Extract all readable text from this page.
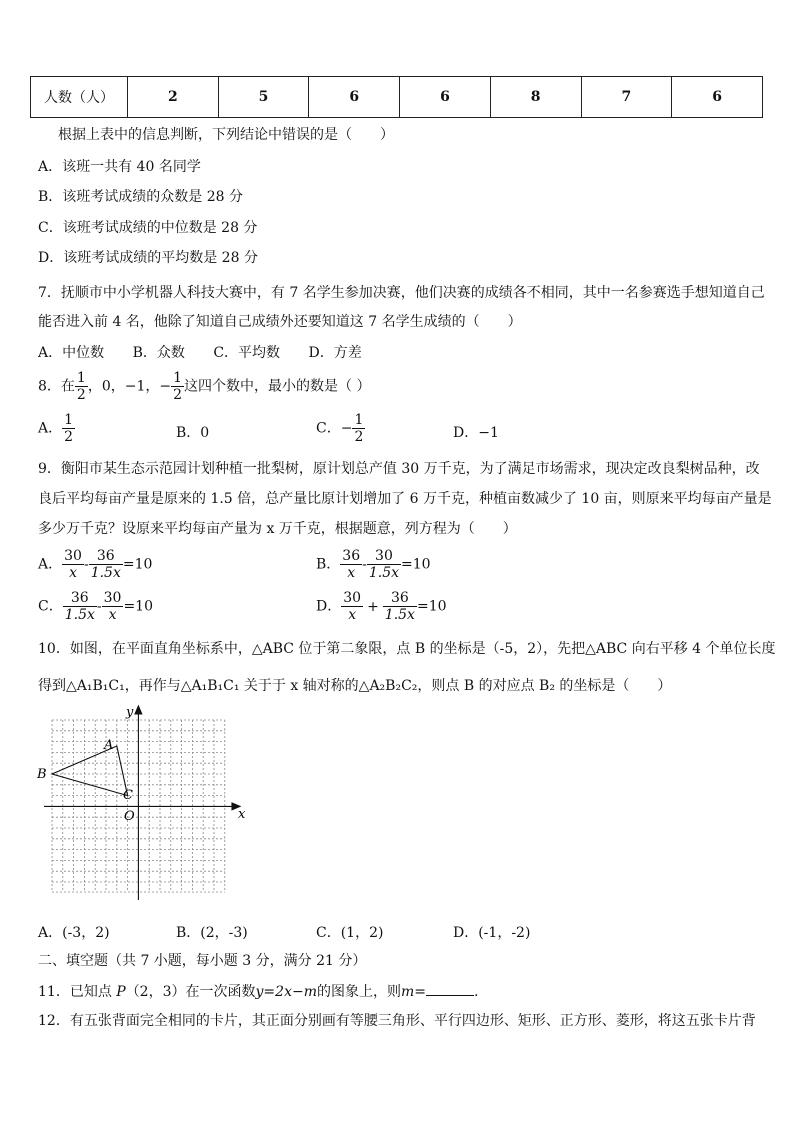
人数（人）	2	5	6	6	8	7	6
根据上表中的信息判断，下列结论中错误的是（　　）
A．该班一共有 40 名同学
B．该班考试成绩的众数是 28 分
C．该班考试成绩的中位数是 28 分
D．该班考试成绩的平均数是 28 分
7．抚顺市中小学机器人科技大赛中，有 7 名学生参加决赛，他们决赛的成绩各不相同，其中一名参赛选手想知道自己
能否进入前 4 名，他除了知道自己成绩外还要知道这 7 名学生成绩的（　　）
A．中位数 B．众数 C．平均数 D．方差
8．在 $\frac{1}{2}$ ，0，−1，− $\frac{1}{2}$ 这四个数中，最小的数是（ ）
A． $\frac{1}{2}$	B．0	C．− $\frac{1}{2}$	D．−1
9．衡阳市某生态示范园计划种植一批梨树，原计划总产值 30 万千克，为了满足市场需求，现决定改良梨树品种，改
良后平均每亩产量是原来的 1.5 倍，总产量比原计划增加了 6 万千克，种植亩数减少了 10 亩，则原来平均每亩产量是
多少万千克？设原来平均每亩产量为 x 万千克，根据题意，列方程为（　　）
A． $\frac{30}{x} - \frac{36}{1.5x} =10$	B． $\frac{36}{x} - \frac{30}{1.5x} =10$
C． $\frac{36}{1.5x} - \frac{30}{x} =10$	D． $\frac{30}{x} + \frac{36}{1.5x} =10$
10．如图，在平面直角坐标系中，△ABC 位于第二象限，点 B 的坐标是（-5，2），先把△ABC 向右平移 4 个单位长度
得到△A₁B₁C₁，再作与△A₁B₁C₁ 关于于 x 轴对称的△A₂B₂C₂，则点 B 的对应点 B₂ 的坐标是（　　）
x
y
O
A
B
C
A．(-3，2)	B．(2，-3)	C．(1，2)	D．(-1，-2)
二、填空题（共 7 小题，每小题 3 分，满分 21 分）
11．已知点 P（2，3）在一次函数y=2x−m的图象上，则m=	.
12．有五张背面完全相同的卡片，其正面分别画有等腰三角形、平行四边形、矩形、正方形、菱形，将这五张卡片背
